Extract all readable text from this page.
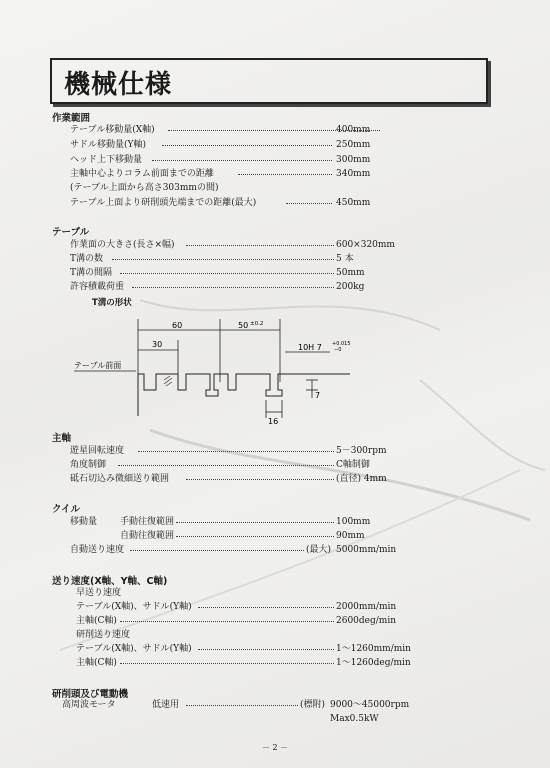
機械仕様
作業範囲
テーブル移動量(X軸)	400mm
サドル移動量(Y軸)	250mm
ヘッド上下移動量	300mm
主軸中心よりコラム前面までの距離	340mm
(テーブル上面から高さ303mmの間)
テーブル上面より研削頭先端までの距離(最大)	450mm
テーブル
作業面の大きさ(長さ×幅)	600×320mm
T溝の数	5 本
T溝の間隔	50mm
許容積載荷重	200kg
T溝の形状
60	50 ±0.2
30	10H 7 +0.015
−0
テーブル前面
16
7
主軸
遊星回転速度	5－300rpm
角度制御	C軸制御
砥石切込み微細送り範囲	(直径) 4mm
クイル
移動量	手動往復範囲	100mm
自動往復範囲	90mm
自動送り速度	(最大) 5000mm/min
送り速度(X軸、Y軸、C軸)
早送り速度
テーブル(X軸)、サドル(Y軸)	2000mm/min
主軸(C軸)	2600deg/min
研削送り速度
テーブル(X軸)、サドル(Y軸)	1～1260mm/min
主軸(C軸)	1～1260deg/min
研削頭及び電動機
高周波モータ	低速用	(標附) 9000～45000rpm
Max0.5kW
－ 2 －
